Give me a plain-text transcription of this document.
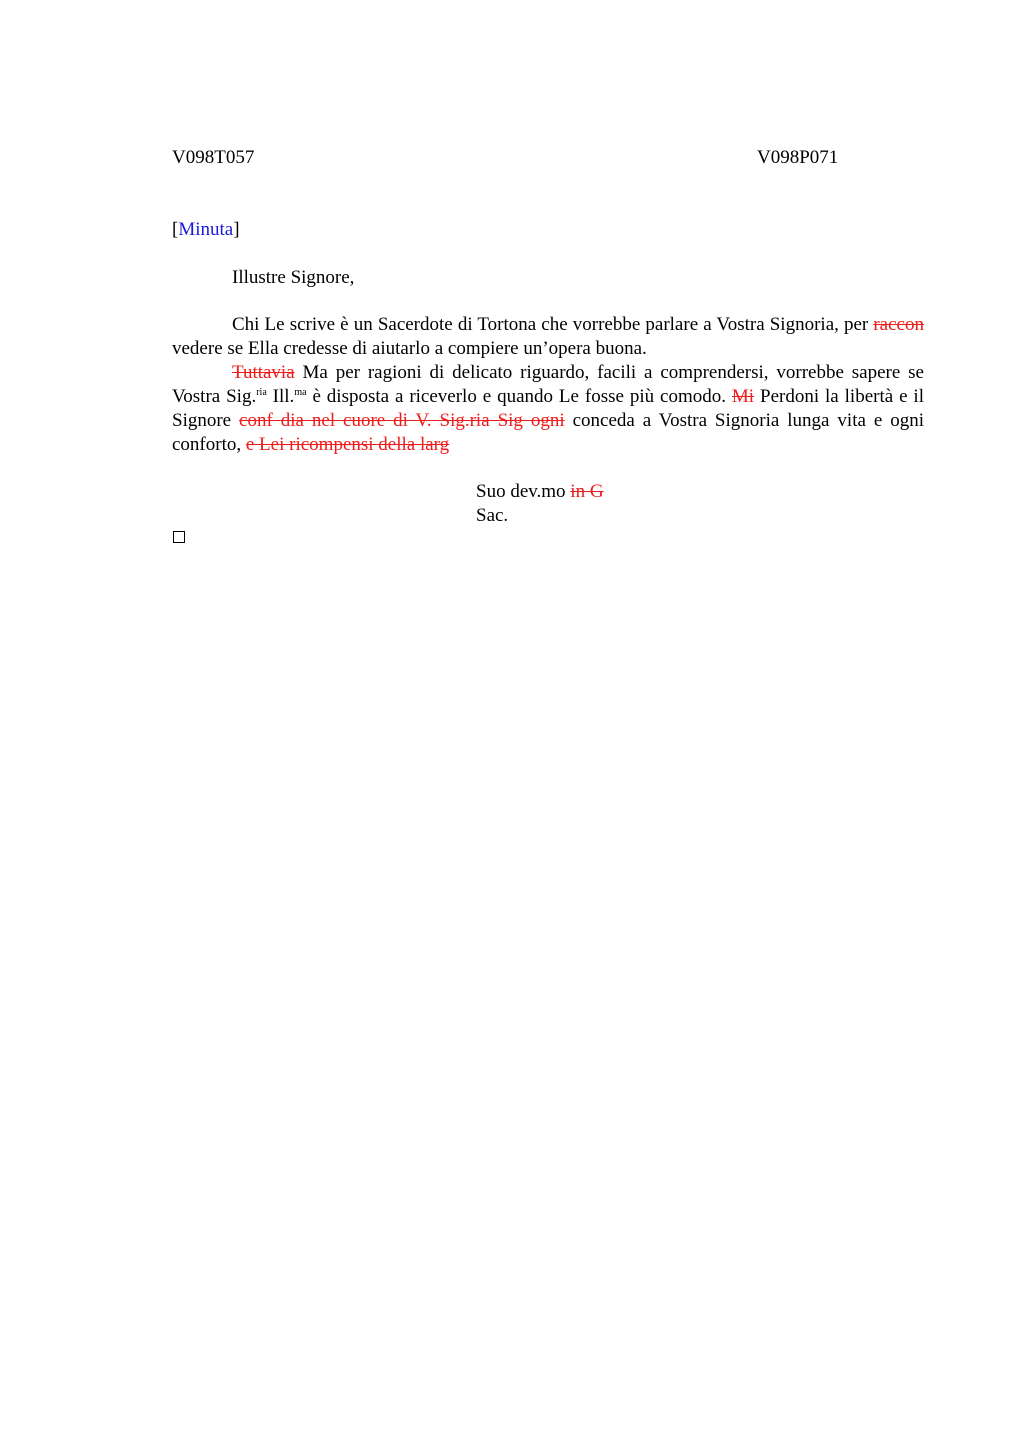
V098T057	V098P071
[Minuta]
Illustre Signore,
Chi Le scrive è un Sacerdote di Tortona che vorrebbe parlare a Vostra Signoria, per raccon vedere se Ella credesse di aiutarlo a compiere un’opera buona.
Tuttavia Ma per ragioni di delicato riguardo, facili a comprendersi, vorrebbe sapere se Vostra Sig.$^{ria}$ Ill.$^{ma}$ è disposta a riceverlo e quando Le fosse più comodo. Mi Perdoni la libertà e il Signore conf dia nel cuore di V. Sig.ria Sig ogni conceda a Vostra Signoria lunga vita e ogni conforto, e Lei ricompensi della larg
Suo dev.mo in G
Sac.
